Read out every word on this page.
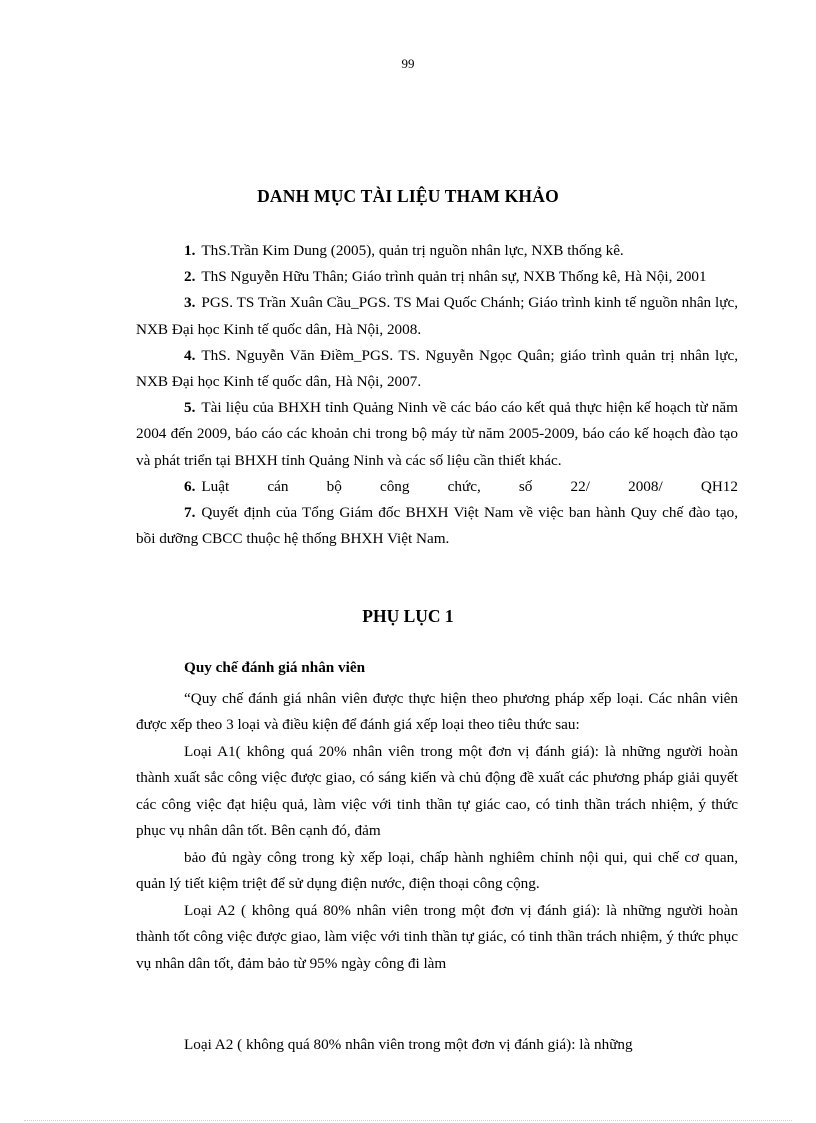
99
DANH MỤC TÀI LIỆU THAM KHẢO

1. ThS.Trần Kim Dung (2005), quản trị nguồn nhân lực, NXB thống kê.

2. ThS Nguyễn Hữu Thân; Giáo trình quản trị nhân sự, NXB Thống kê, Hà Nội, 2001

3. PGS. TS Trần Xuân Cầu_PGS. TS Mai Quốc Chánh; Giáo trình kinh tế nguồn nhân lực, NXB Đại học Kinh tế quốc dân, Hà Nội, 2008.

4. ThS. Nguyễn Văn Điềm_PGS. TS. Nguyễn Ngọc Quân; giáo trình quản trị nhân lực, NXB Đại học Kinh tế quốc dân, Hà Nội, 2007.

5. Tài liệu của BHXH tỉnh Quảng Ninh về các báo cáo kết quả thực hiện kế hoạch từ năm 2004 đến 2009, báo cáo các khoản chi trong bộ máy từ năm 2005-2009, báo cáo kế hoạch đào tạo và phát triển tại BHXH tỉnh Quảng Ninh và các số liệu cần thiết khác.

6. Luật cán bộ công chức, số 22/ 2008/ QH12

7. Quyết định của Tổng Giám đốc BHXH Việt Nam về việc ban hành Quy chế đào tạo, bồi dưỡng CBCC thuộc hệ thống BHXH Việt Nam.

PHỤ LỤC 1

Quy chế đánh giá nhân viên

“Quy chế đánh giá nhân viên được thực hiện theo phương pháp xếp loại. Các nhân viên được xếp theo 3 loại và điều kiện để đánh giá xếp loại theo tiêu thức sau:

Loại A1( không quá 20% nhân viên trong một đơn vị đánh giá): là những người hoàn thành xuất sắc công việc được giao, có sáng kiến và chủ động đề xuất các phương pháp giải quyết các công việc đạt hiệu quả, làm việc với tinh thần tự giác cao, có tinh thần trách nhiệm, ý thức phục vụ nhân dân tốt. Bên cạnh đó, đảm

bảo đủ ngày công trong kỳ xếp loại, chấp hành nghiêm chỉnh nội qui, qui chế cơ quan, quản lý tiết kiệm triệt để sử dụng điện nước, điện thoại công cộng.

Loại A2 ( không quá 80% nhân viên trong một đơn vị đánh giá): là những người hoàn thành tốt công việc được giao, làm việc với tinh thần tự giác, có tinh thần trách nhiệm, ý thức phục vụ nhân dân tốt, đảm bảo từ 95% ngày công đi làm

Loại A2 ( không quá 80% nhân viên trong một đơn vị đánh giá): là những
